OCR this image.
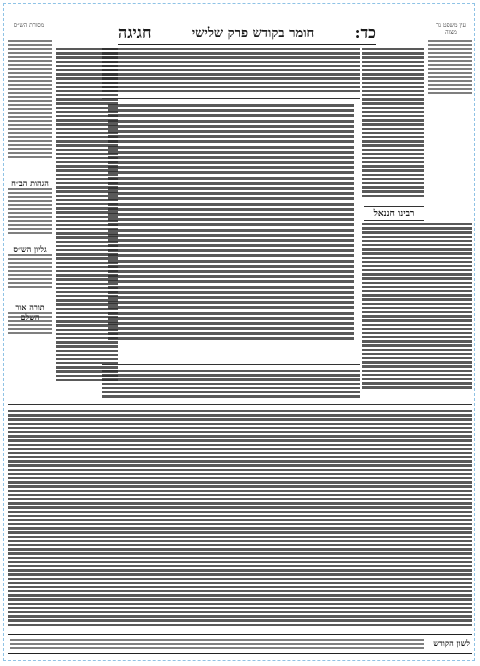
כד:
חומר בקודש פרק שלישי
חגיגה	עין משפט נר מצוה
רבינו חננאל
מסורת הש״ס
הגהות הב״ח
גליון הש״ס
תורה אור
לשון הקודש
